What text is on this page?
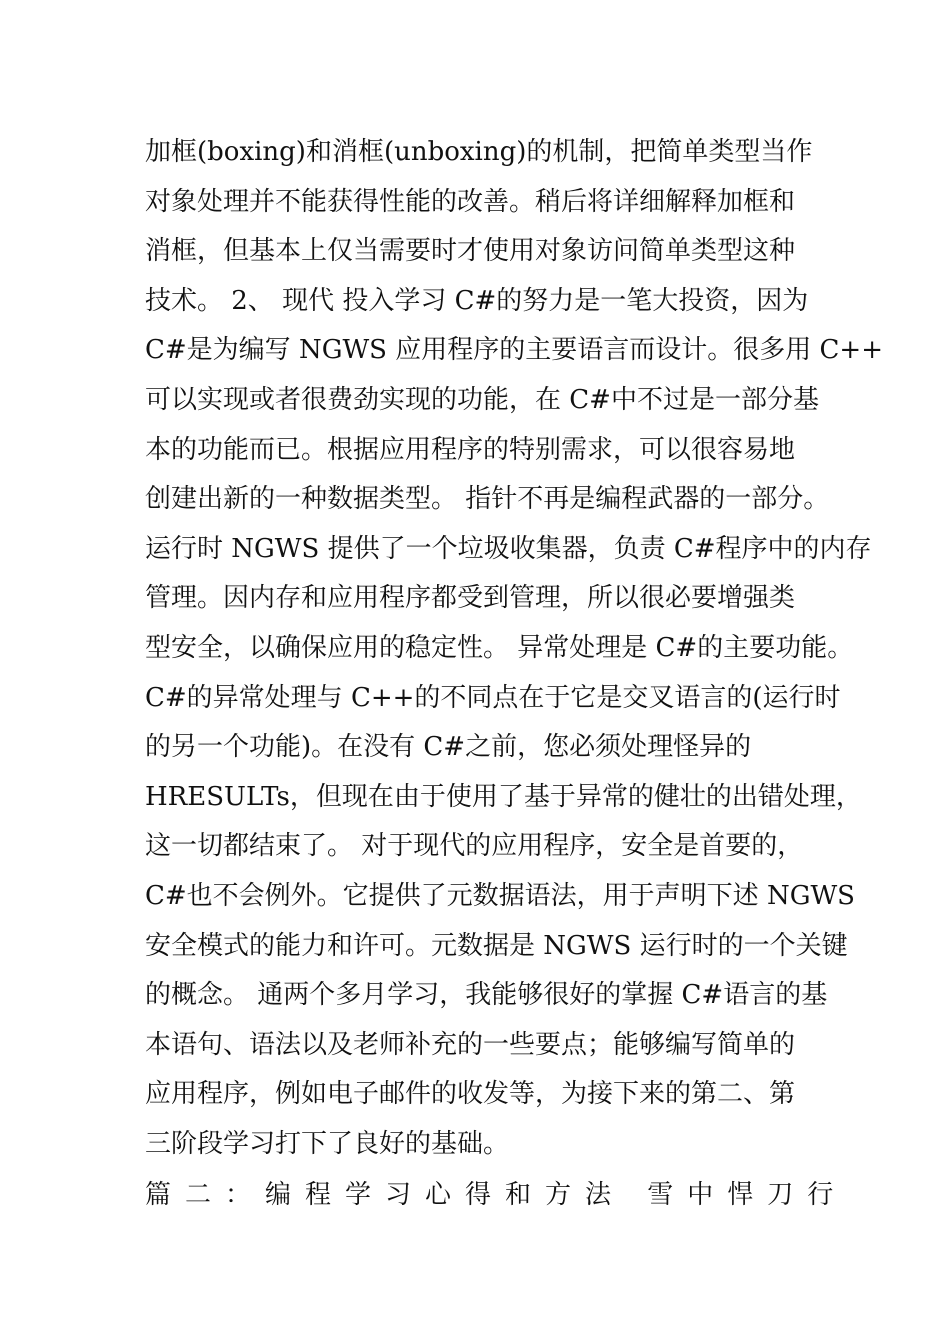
加框(boxing)和消框(unboxing)的机制，把简单类型当作
对象处理并不能获得性能的改善。稍后将详细解释加框和
消框，但基本上仅当需要时才使用对象访问简单类型这种
技术。 2、 现代 投入学习 C#的努力是一笔大投资，因为
C#是为编写 NGWS 应用程序的主要语言而设计。很多用 C++
可以实现或者很费劲实现的功能，在 C#中不过是一部分基
本的功能而已。根据应用程序的特别需求，可以很容易地
创建出新的一种数据类型。 指针不再是编程武器的一部分。
运行时 NGWS 提供了一个垃圾收集器，负责 C#程序中的内存
管理。因内存和应用程序都受到管理，所以很必要增强类
型安全，以确保应用的稳定性。 异常处理是 C#的主要功能。
C#的异常处理与 C++的不同点在于它是交叉语言的(运行时
的另一个功能)。在没有 C#之前，您必须处理怪异的
HRESULTs，但现在由于使用了基于异常的健壮的出错处理，
这一切都结束了。 对于现代的应用程序，安全是首要的，
C#也不会例外。它提供了元数据语法，用于声明下述 NGWS
安全模式的能力和许可。元数据是 NGWS 运行时的一个关键
的概念。 通两个多月学习，我能够很好的掌握 C#语言的基
本语句、语法以及老师补充的一些要点；能够编写简单的
应用程序，例如电子邮件的收发等，为接下来的第二、第
三阶段学习打下了良好的基础。
篇二：编程学习心得和方法 雪中悍刀行
